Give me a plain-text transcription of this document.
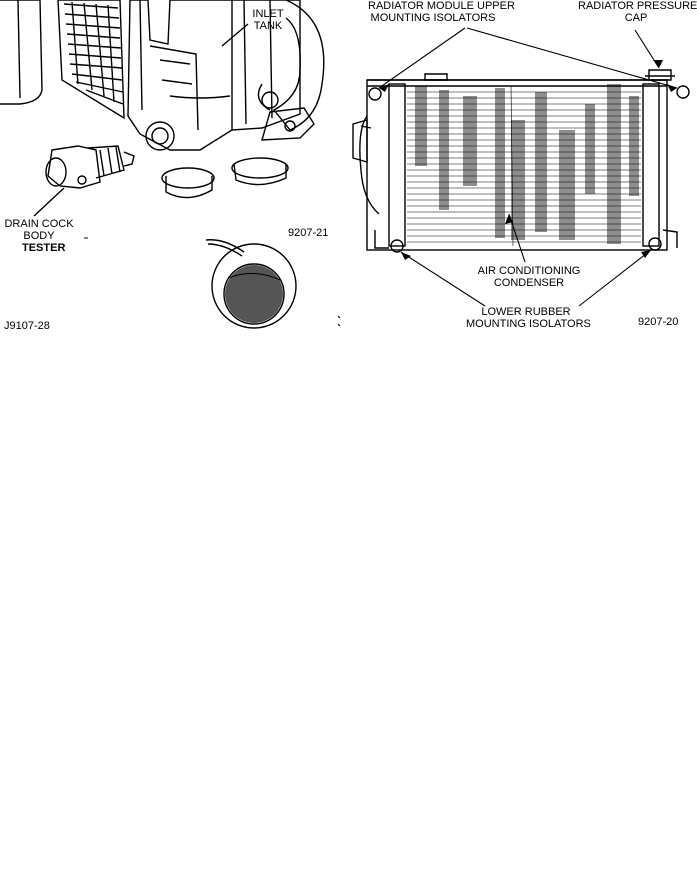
INLET
TANK
DRAIN COCK
BODY
TESTER
9207-21
J9107-28
RADIATOR MODULE UPPER
MOUNTING ISOLATORS
RADIATOR PRESSURE
CAP
AIR CONDITIONING
CONDENSER
LOWER RUBBER
MOUNTING ISOLATORS	9207-20
